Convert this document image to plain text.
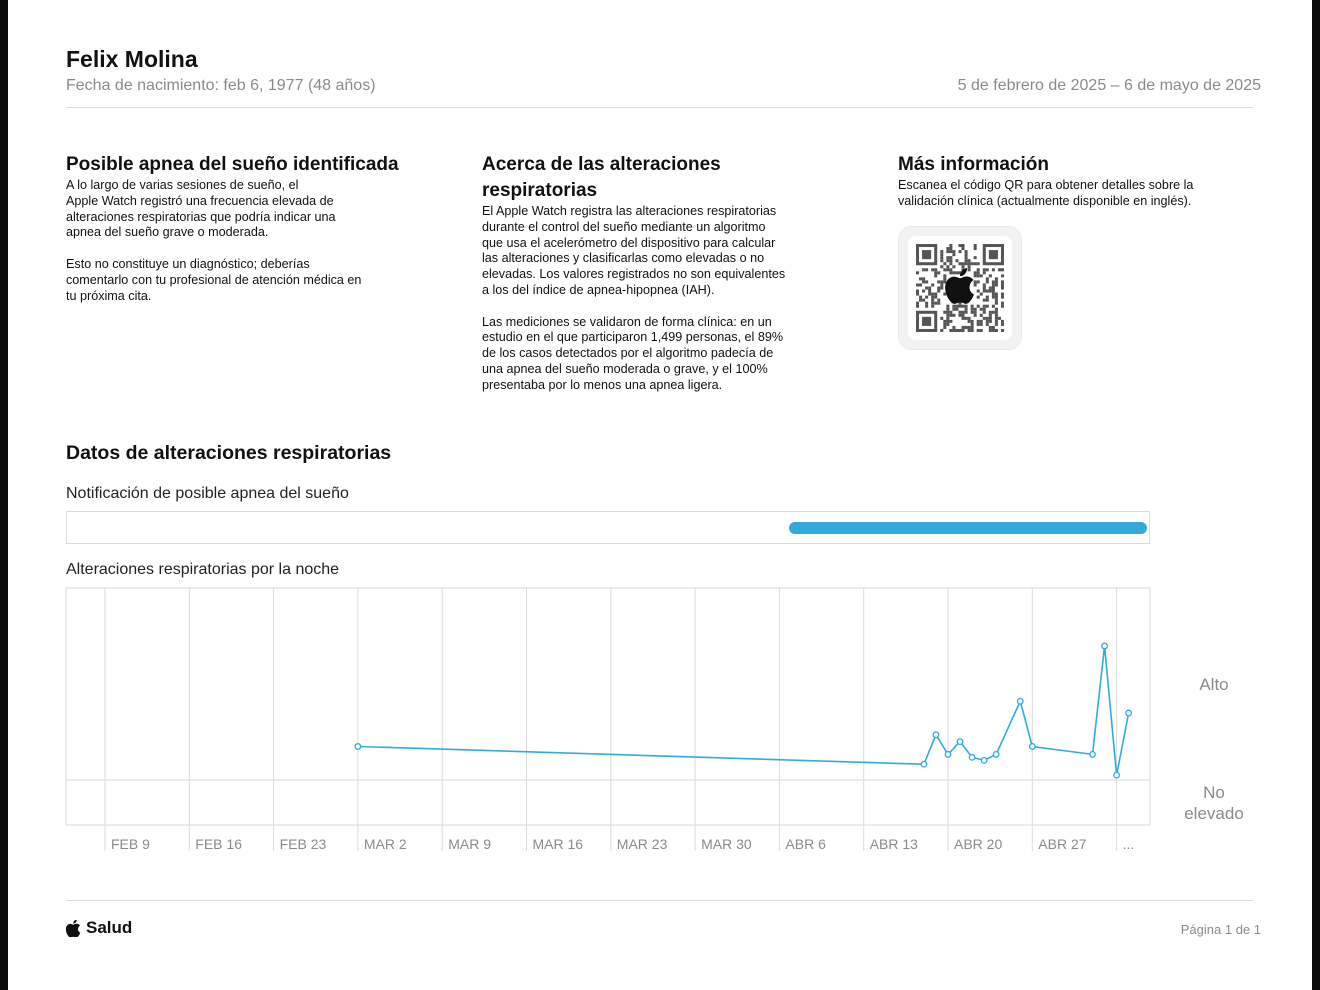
Felix Molina
Fecha de nacimiento: feb 6, 1977 (48 años)	5 de febrero de 2025 – 6 de mayo de 2025
Posible apnea del sueño identificada

A lo largo de varias sesiones de sueño, el
Apple Watch registró una frecuencia elevada de
alteraciones respiratorias que podría indicar una
apnea del sueño grave o moderada.

Esto no constituye un diagnóstico; deberías
comentarlo con tu profesional de atención médica en
tu próxima cita.

Acerca de las alteraciones
respiratorias

El Apple Watch registra las alteraciones respiratorias
durante el control del sueño mediante un algoritmo
que usa el acelerómetro del dispositivo para calcular
las alteraciones y clasificarlas como elevadas o no
elevadas. Los valores registrados no son equivalentes
a los del índice de apnea-hipopnea (IAH).

Las mediciones se validaron de forma clínica: en un
estudio en el que participaron 1,499 personas, el 89%
de los casos detectados por el algoritmo padecía de
una apnea del sueño moderada o grave, y el 100%
presentaba por lo menos una apnea ligera.

Más información

Escanea el código QR para obtener detalles sobre la
validación clínica (actualmente disponible en inglés).

Datos de alteraciones respiratorias
Notificación de posible apnea del sueño
Alteraciones respiratorias por la noche
FEB 9	FEB 16	FEB 23	MAR 2	MAR 9	MAR 16 MAR 23 MAR 30 ABR 6	ABR 13	ABR 20	ABR 27	...
Alto
No elevado
Salud	Página 1 de 1
